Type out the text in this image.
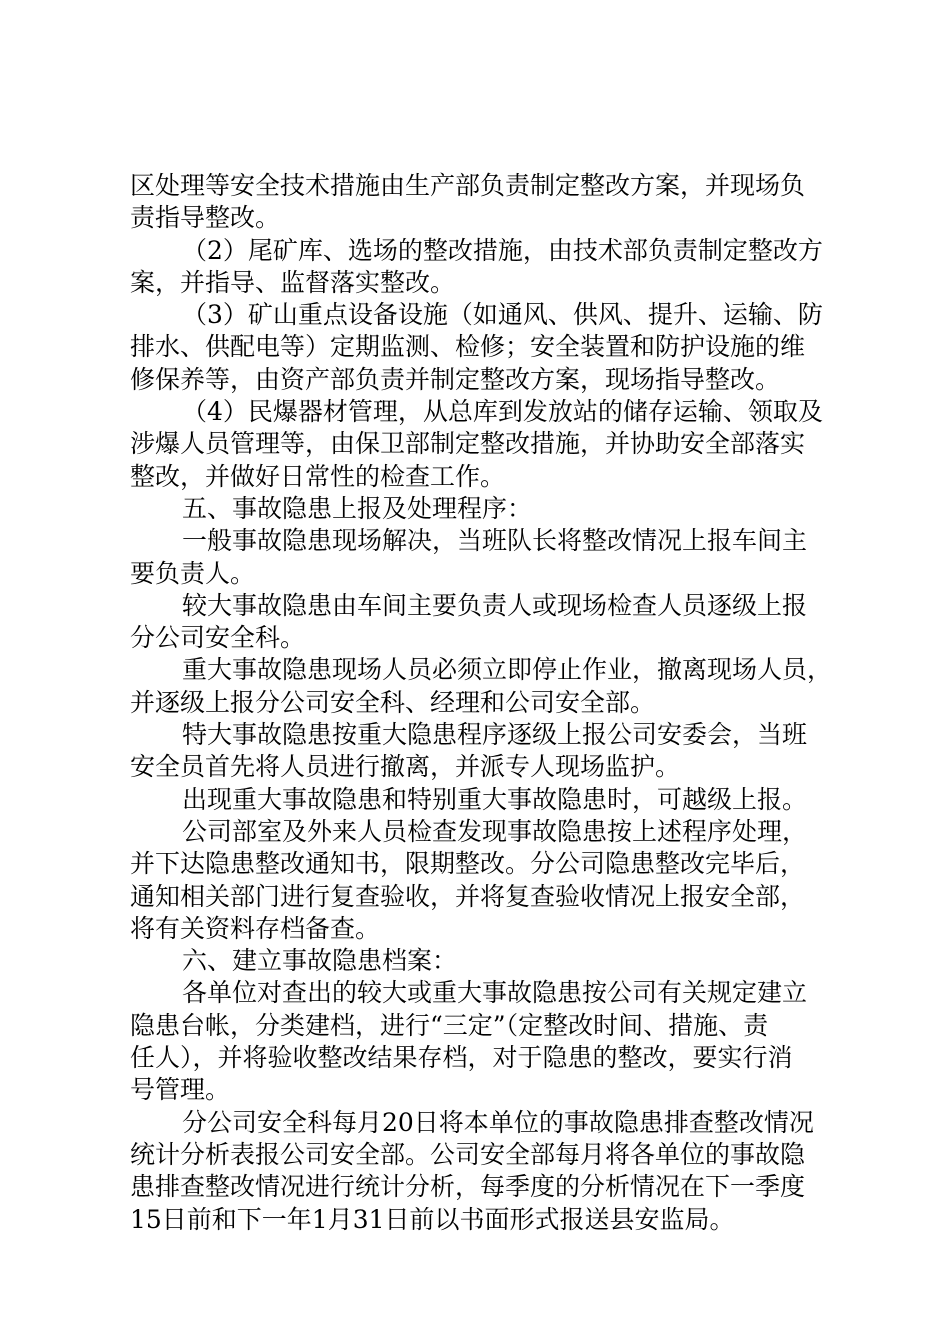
区处理等安全技术措施由生产部负责制定整改方案，并现场负
责指导整改。
（2）尾矿库、选场的整改措施，由技术部负责制定整改方
案，并指导、监督落实整改。
（3）矿山重点设备设施（如通风、供风、提升、运输、防
排水、供配电等）定期监测、检修；安全装置和防护设施的维
修保养等，由资产部负责并制定整改方案，现场指导整改。
（4）民爆器材管理，从总库到发放站的储存运输、领取及
涉爆人员管理等，由保卫部制定整改措施，并协助安全部落实
整改，并做好日常性的检查工作。
五、事故隐患上报及处理程序：
一般事故隐患现场解决，当班队长将整改情况上报车间主
要负责人。
较大事故隐患由车间主要负责人或现场检查人员逐级上报
分公司安全科。
重大事故隐患现场人员必须立即停止作业，撤离现场人员，
并逐级上报分公司安全科、经理和公司安全部。
特大事故隐患按重大隐患程序逐级上报公司安委会，当班
安全员首先将人员进行撤离，并派专人现场监护。
出现重大事故隐患和特别重大事故隐患时，可越级上报。
公司部室及外来人员检查发现事故隐患按上述程序处理，
并下达隐患整改通知书，限期整改。分公司隐患整改完毕后，
通知相关部门进行复查验收，并将复查验收情况上报安全部，
将有关资料存档备查。
六、建立事故隐患档案：
各单位对查出的较大或重大事故隐患按公司有关规定建立
隐患台帐，分类建档，进行“三定”（定整改时间、措施、责
任人），并将验收整改结果存档，对于隐患的整改，要实行消
号管理。
分公司安全科每月20日将本单位的事故隐患排查整改情况
统计分析表报公司安全部。公司安全部每月将各单位的事故隐
患排查整改情况进行统计分析，每季度的分析情况在下一季度
15日前和下一年1月31日前以书面形式报送县安监局。
